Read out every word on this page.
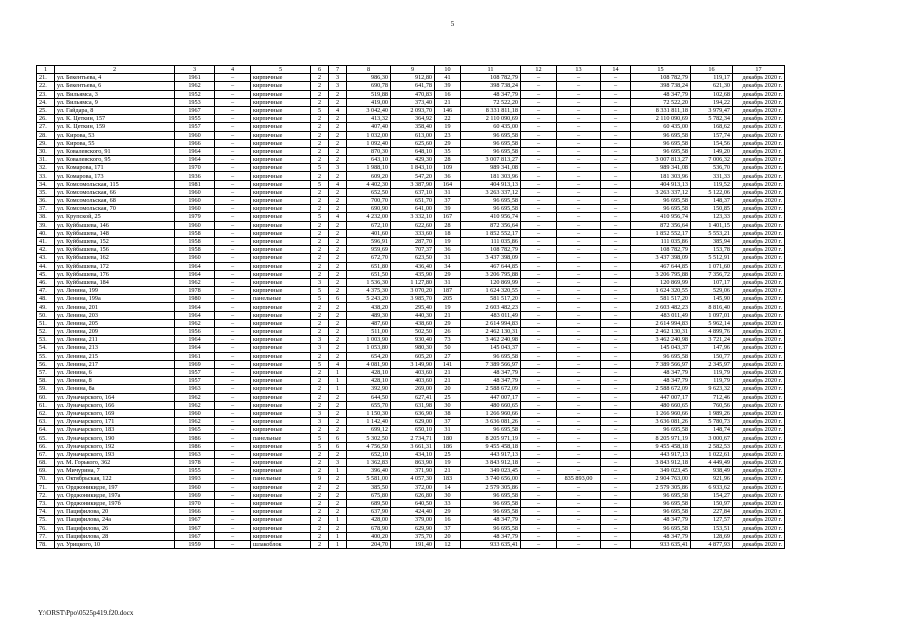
5
1	2	3	4	5	6	7	8	9	10	11	12	13	14	15	16	17
21.	ул. Бекентьева, 4	1961	–	кирпичные	2	3	986,30	912,80	41	108 782,79	–	–	–	108 782,79	119,17	декабрь 2020 г.
22.	ул. Бекентьева, 6	1962	–	кирпичные	2	3	690,78	641,78	39	398 738,24	–	–	–	398 738,24	621,30	декабрь 2020 г.
23.	ул. Вильямса, 3	1952	–	кирпичные	2	2	519,88	470,83	16	48 347,79	–	–	–	48 347,79	102,68	декабрь 2020 г.
24.	ул. Вильямса, 9	1953	–	кирпичные	2	2	419,00	373,40	21	72 522,20	–	–	–	72 522,20	194,22	декабрь 2020 г.
25.	ул. Гайдара, 8	1967	–	кирпичные	5	4	3 042,40	2 093,70	146	8 331 811,18	–	–	–	8 331 811,18	3 979,47	декабрь 2020 г.
26.	ул. К. Цеткин, 157	1955	–	кирпичные	2	2	413,32	364,92	22	2 110 090,69	–	–	–	2 110 090,69	5 782,34	декабрь 2020 г.
27.	ул. К. Цеткин, 159	1957	–	кирпичные	2	2	407,40	358,40	19	60 435,00	–	–	–	60 435,00	168,62	декабрь 2020 г.
28.	ул. Кирова, 53	1960	–	кирпичные	2	2	1 032,00	613,00	23	96 695,58	–	–	–	96 695,58	157,74	декабрь 2020 г.
29.	ул. Кирова, 55	1966	–	кирпичные	2	2	1 092,40	625,60	29	96 695,58	–	–	–	96 695,58	154,56	декабрь 2020 г.
30.	ул. Ковалевского, 91	1964	–	кирпичные	2	2	870,30	648,10	35	96 695,58	–	–	–	96 695,58	149,20	декабрь 2020 г.
31.	ул. Ковалевского, 95	1964	–	кирпичные	2	2	643,10	429,30	28	3 007 813,27	–	–	–	3 007 813,27	7 006,32	декабрь 2020 г.
32.	ул. Комарова, 171	1970	–	кирпичные	5	3	1 988,10	1 843,10	109	989 341,08	–	–	–	989 341,08	536,70	декабрь 2020 г.
33.	ул. Комарова, 173	1936	–	кирпичные	2	2	609,20	547,20	36	181 303,96	–	–	–	181 303,96	331,33	декабрь 2020 г.
34.	ул. Комсомольская, 115	1981	–	кирпичные	5	4	4 402,30	3 387,90	164	404 913,13	–	–	–	404 913,13	119,52	декабрь 2020 г.
35.	ул. Комсомольская, 66	1960	–	кирпичные	2	2	652,50	637,10	31	3 263 337,12	–	–	–	3 263 337,12	5 122,06	декабрь 2020 г.
36.	ул. Комсомольская, 68	1960	–	кирпичные	2	2	700,70	651,70	37	96 695,58	–	–	–	96 695,58	148,37	декабрь 2020 г.
37.	ул. Комсомольская, 70	1960	–	кирпичные	2	2	690,90	641,00	39	96 695,58	–	–	–	96 695,58	150,85	декабрь 2020 г.
38.	ул. Крупской, 25	1979	–	кирпичные	5	4	4 232,00	3 332,10	167	410 956,74	–	–	–	410 956,74	123,33	декабрь 2020 г.
39.	ул. Куйбышева, 146	1960	–	кирпичные	2	2	672,10	622,60	28	872 356,64	–	–	–	872 356,64	1 401,15	декабрь 2020 г.
40.	ул. Куйбышева, 148	1958	–	кирпичные	2	2	401,60	333,60	18	1 852 552,17	–	–	–	1 852 552,17	5 553,21	декабрь 2020 г.
41.	ул. Куйбышева, 152	1958	–	кирпичные	2	2	596,91	287,70	19	111 035,86	–	–	–	111 035,86	385,94	декабрь 2020 г.
42.	ул. Куйбышева, 156	1958	–	кирпичные	2	2	959,69	707,37	36	108 782,79	–	–	–	108 782,79	153,78	декабрь 2020 г.
43.	ул. Куйбышева, 162	1960	–	кирпичные	2	2	672,70	623,50	31	3 437 398,09	–	–	–	3 437 398,09	5 512,91	декабрь 2020 г.
44.	ул. Куйбышева, 172	1964	–	кирпичные	2	2	651,80	436,40	34	467 644,85	–	–	–	467 644,85	1 071,60	декабрь 2020 г.
45.	ул. Куйбышева, 176	1964	–	кирпичные	2	2	651,50	435,90	29	3 206 795,88	–	–	–	3 206 795,88	7 356,72	декабрь 2020 г.
46.	ул. Куйбышева, 184	1962	–	кирпичные	3	2	1 536,30	1 127,80	31	120 869,99	–	–	–	120 869,99	107,17	декабрь 2020 г.
47.	ул. Ленина, 199	1978	–	кирпичные	5	2	4 375,30	3 070,20	187	1 624 320,55	–	–	–	1 624 320,55	529,06	декабрь 2020 г.
48.	ул. Ленина, 199а	1980	–	панельные	5	6	5 243,20	3 985,70	205	581 517,20	–	–	–	581 517,20	145,90	декабрь 2020 г.
49.	ул. Ленина, 201	1964	–	кирпичные	2	2	438,20	295,40	19	2 603 482,23	–	–	–	2 603 482,23	8 816,40	декабрь 2020 г.
50.	ул. Ленина, 203	1964	–	кирпичные	2	2	489,30	440,30	21	483 011,49	–	–	–	483 011,49	1 097,01	декабрь 2020 г.
51.	ул. Ленина, 205	1962	–	кирпичные	2	2	487,60	438,60	29	2 614 994,83	–	–	–	2 614 994,83	5 962,14	декабрь 2020 г.
52.	ул. Ленина, 209	1956	–	кирпичные	2	2	511,00	502,50	26	2 462 130,31	–	–	–	2 462 130,31	4 899,76	декабрь 2020 г.
53.	ул. Ленина, 211	1964	–	кирпичные	3	2	1 003,90	930,40	73	3 462 240,98	–	–	–	3 462 240,98	3 721,24	декабрь 2020 г.
54.	ул. Ленина, 213	1964	–	кирпичные	3	2	1 053,80	980,30	50	145 043,37	–	–	–	145 043,37	147,96	декабрь 2020 г.
55.	ул. Ленина, 215	1961	–	кирпичные	2	2	654,20	605,20	27	96 695,58	–	–	–	96 695,58	150,77	декабрь 2020 г.
56.	ул. Ленина, 217	1969	–	кирпичные	5	4	4 081,90	3 149,90	141	7 389 566,97	–	–	–	7 389 566,97	2 345,97	декабрь 2020 г.
57.	ул. Ленина, 6	1957	–	кирпичные	2	1	428,10	403,60	21	48 347,79	–	–	–	48 347,79	119,79	декабрь 2020 г.
58.	ул. Ленина, 8	1957	–	кирпичные	2	1	428,10	403,60	21	48 347,79	–	–	–	48 347,79	119,79	декабрь 2020 г.
59.	ул. Ленина, 8а	1963	–	кирпичные	2	1	392,90	269,00	20	2 588 672,09	–	–	–	2 588 672,09	9 623,32	декабрь 2020 г.
60.	ул. Луначарского, 164	1962	–	кирпичные	2	2	644,50	627,41	25	447 007,17	–	–	–	447 007,17	712,46	декабрь 2020 г.
61.	ул. Луначарского, 166	1962	–	кирпичные	2	2	655,70	631,98	30	480 660,65	–	–	–	480 660,65	760,56	декабрь 2020 г.
62.	ул. Луначарского, 169	1960	–	кирпичные	3	2	1 150,30	636,90	38	1 266 960,66	–	–	–	1 266 960,66	1 989,26	декабрь 2020 г.
63.	ул. Луначарского, 171	1962	–	кирпичные	3	2	1 142,40	629,00	37	3 636 081,26	–	–	–	3 636 081,26	5 780,73	декабрь 2020 г.
64.	ул. Луначарского, 183	1965	–	кирпичные	2	2	699,12	650,10	31	96 695,58	–	–	–	96 695,58	148,74	декабрь 2020 г.
65.	ул. Луначарского, 190	1986	–	панельные	5	6	5 302,50	2 734,71	180	8 205 971,19	–	–	–	8 205 971,19	3 000,67	декабрь 2020 г.
66.	ул. Луначарского, 192	1986	–	кирпичные	5	6	4 756,50	3 661,31	186	9 455 458,18	–	–	–	9 455 458,18	2 582,53	декабрь 2020 г.
67.	ул. Луначарского, 193	1963	–	кирпичные	2	2	652,10	434,10	25	443 917,13	–	–	–	443 917,13	1 022,61	декабрь 2020 г.
68.	ул. М. Горького, 362	1978	–	кирпичные	2	3	1 362,83	863,90	19	3 843 912,18	–	–	–	3 843 912,18	4 449,49	декабрь 2020 г.
69.	ул. Мичурина, 7	1955	–	кирпичные	2	1	396,40	371,90	21	349 023,45	–	–	–	349 023,45	938,49	декабрь 2020 г.
70.	ул. Октябрьская, 122	1993	–	панельные	9	2	5 581,00	4 057,30	183	3 740 656,00	–	835 893,00	–	2 904 763,00	921,96	декабрь 2020 г.
71.	ул. Орджоникидзе, 197	1960	–	кирпичные	2	2	385,50	372,00	14	2 579 305,86	–	–	–	2 579 305,86	6 933,62	декабрь 2020 г.
72.	ул. Орджоникидзе, 197а	1969	–	кирпичные	2	2	675,80	626,80	30	96 695,58	–	–	–	96 695,58	154,27	декабрь 2020 г.
73.	ул. Орджоникидзе, 197б	1970	–	кирпичные	2	2	689,50	640,50	33	96 695,58	–	–	–	96 695,58	150,97	декабрь 2020 г.
74.	ул. Пацифилова, 20	1966	–	кирпичные	2	2	637,90	424,40	29	96 695,58	–	–	–	96 695,58	227,84	декабрь 2020 г.
75.	ул. Пацифилова, 24а	1967	–	кирпичные	2	1	428,00	379,00	16	48 347,79	–	–	–	48 347,79	127,57	декабрь 2020 г.
76.	ул. Пацифилова, 26	1967	–	кирпичные	2	2	678,90	629,90	37	96 695,58	–	–	–	96 695,58	153,51	декабрь 2020 г.
77.	ул. Пацифилова, 28	1967	–	кирпичные	2	1	400,20	375,70	20	48 347,79	–	–	–	48 347,79	128,69	декабрь 2020 г.
78.	ул. Урицкого, 10	1959	–	шлакоблок	2	1	204,70	191,40	12	933 635,41	–	–	–	933 635,41	4 877,93	декабрь 2020 г.
Y:\ORST\Ppo\0525p419.f20.docx
